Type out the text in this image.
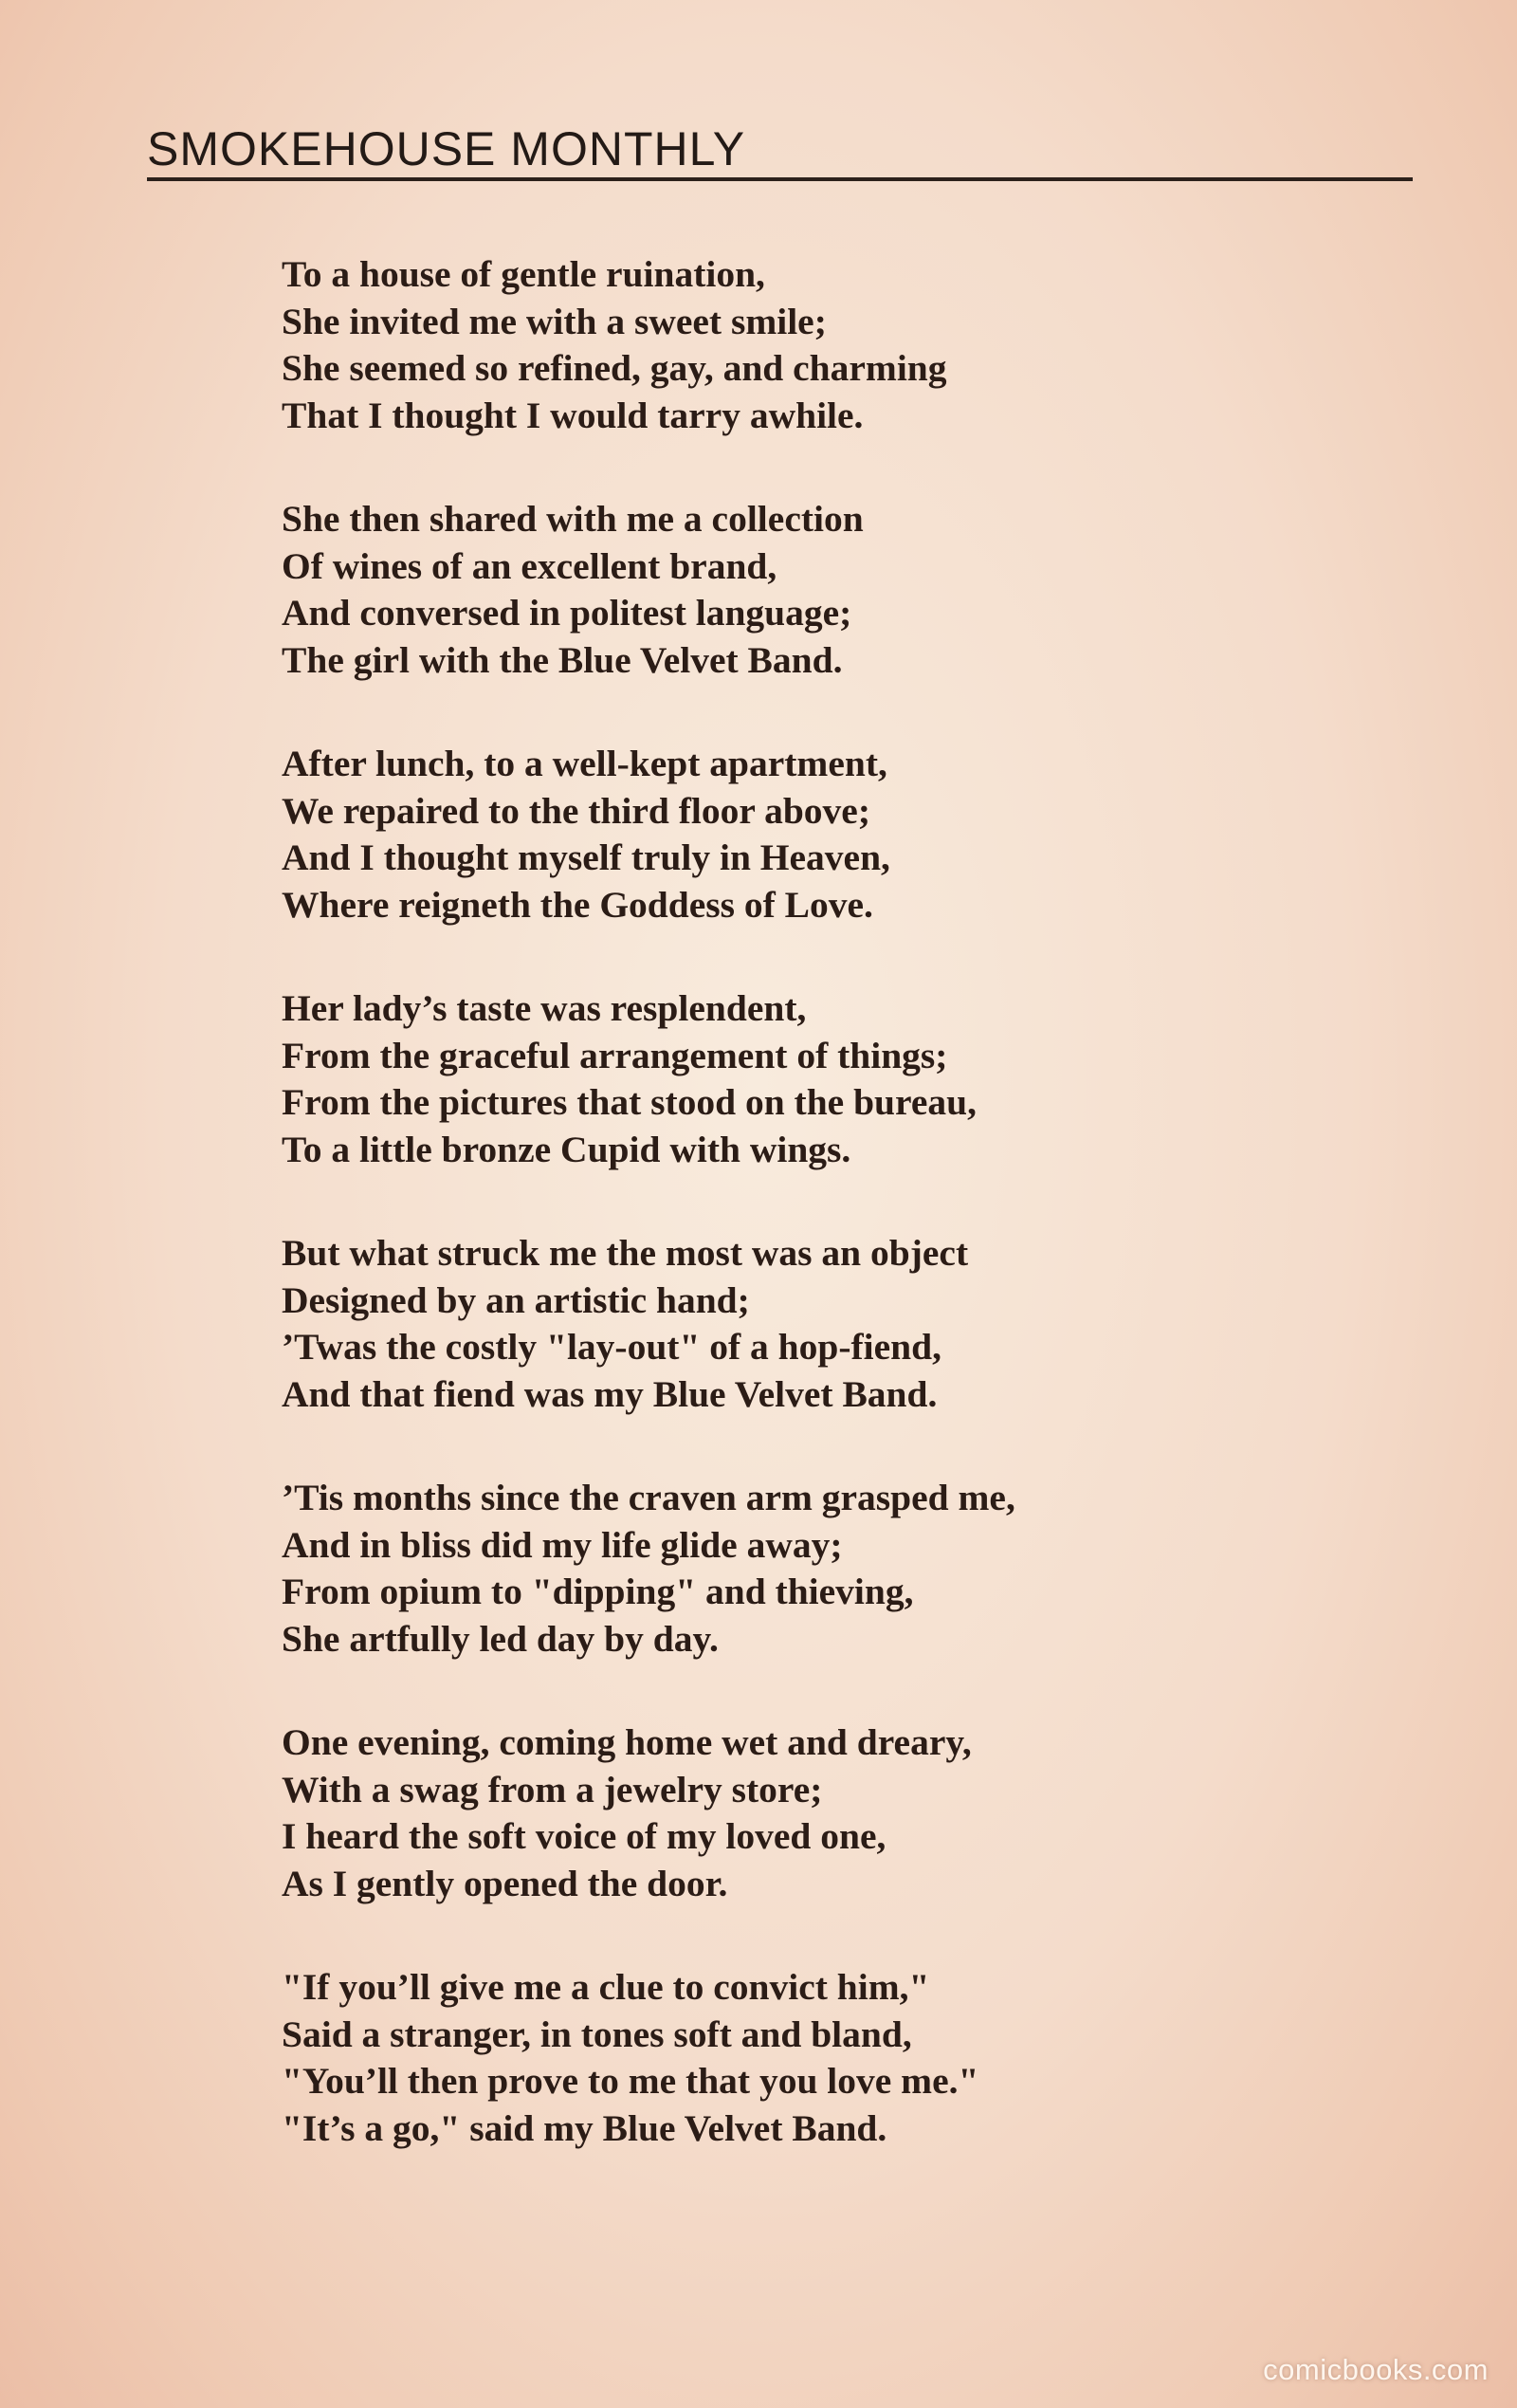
SMOKEHOUSE MONTHLY
To a house of gentle ruination,
She invited me with a sweet smile;
She seemed so refined, gay, and charming
That I thought I would tarry awhile.
She then shared with me a collection
Of wines of an excellent brand,
And conversed in politest language;
The girl with the Blue Velvet Band.
After lunch, to a well-kept apartment,
We repaired to the third floor above;
And I thought myself truly in Heaven,
Where reigneth the Goddess of Love.
Her lady’s taste was resplendent,
From the graceful arrangement of things;
From the pictures that stood on the bureau,
To a little bronze Cupid with wings.
But what struck me the most was an object
Designed by an artistic hand;
’Twas the costly "lay-out" of a hop-fiend,
And that fiend was my Blue Velvet Band.
’Tis months since the craven arm grasped me,
And in bliss did my life glide away;
From opium to "dipping" and thieving,
She artfully led day by day.
One evening, coming home wet and dreary,
With a swag from a jewelry store;
I heard the soft voice of my loved one,
As I gently opened the door.
"If you’ll give me a clue to convict him,"
Said a stranger, in tones soft and bland,
"You’ll then prove to me that you love me."
"It’s a go," said my Blue Velvet Band.
comicbooks.com
